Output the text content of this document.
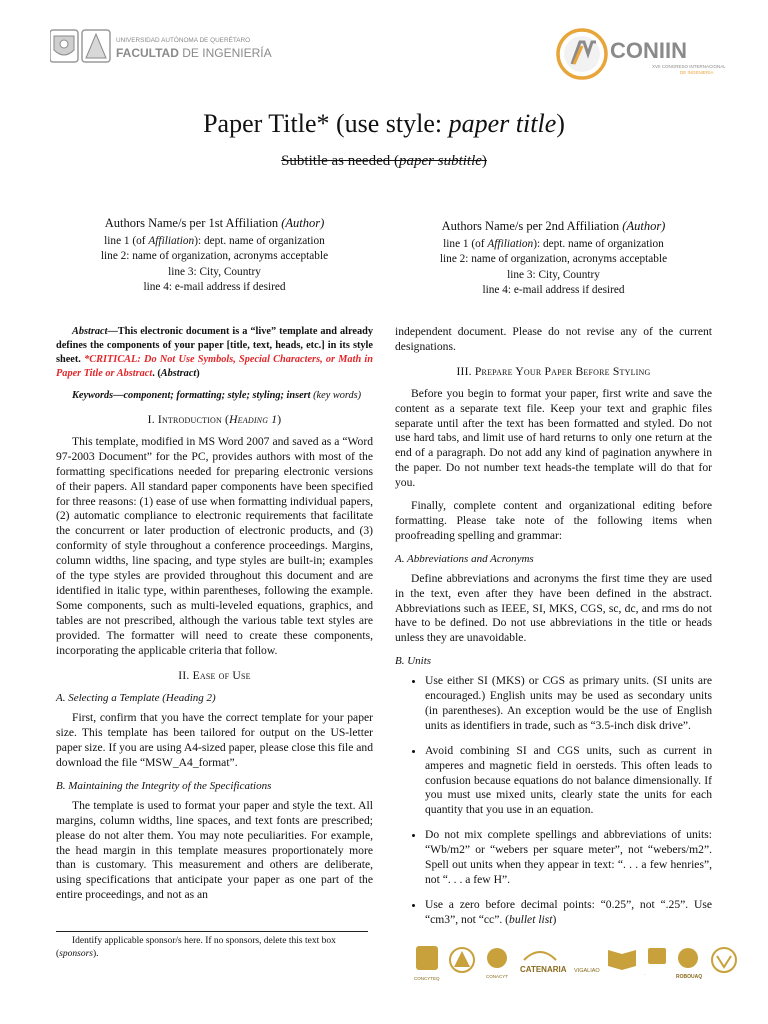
UNIVERSIDAD AUTÓNOMA DE QUERÉTARO
FACULTAD DE INGENIERÍA	CONIIN
XVII CONGRESO INTERNACIONAL
DE INGENIERÍA
Paper Title* (use style: paper title)
Subtitle as needed (paper subtitle)
Authors Name/s per 1st Affiliation (Author)
line 1 (of Affiliation): dept. name of organization
line 2: name of organization, acronyms acceptable
line 3: City, Country
line 4: e-mail address if desired
Authors Name/s per 2nd Affiliation (Author)
line 1 (of Affiliation): dept. name of organization
line 2: name of organization, acronyms acceptable
line 3: City, Country
line 4: e-mail address if desired

Abstract—This electronic document is a “live” template and already defines the components of your paper [title, text, heads, etc.] in its style sheet. *CRITICAL: Do Not Use Symbols, Special Characters, or Math in Paper Title or Abstract. (Abstract)

Keywords—component; formatting; style; styling; insert (key words)

I. Introduction (Heading 1)

This template, modified in MS Word 2007 and saved as a “Word 97-2003 Document” for the PC, provides authors with most of the formatting specifications needed for preparing electronic versions of their papers. All standard paper components have been specified for three reasons: (1) ease of use when formatting individual papers, (2) automatic compliance to electronic requirements that facilitate the concurrent or later production of electronic products, and (3) conformity of style throughout a conference proceedings. Margins, column widths, line spacing, and type styles are built-in; examples of the type styles are provided throughout this document and are identified in italic type, within parentheses, following the example. Some components, such as multi-leveled equations, graphics, and tables are not prescribed, although the various table text styles are provided. The formatter will need to create these components, incorporating the applicable criteria that follow.

II. Ease of Use
A. Selecting a Template (Heading 2)

First, confirm that you have the correct template for your paper size. This template has been tailored for output on the US-letter paper size. If you are using A4-sized paper, please close this file and download the file “MSW_A4_format”.

B. Maintaining the Integrity of the Specifications

The template is used to format your paper and style the text. All margins, column widths, line spaces, and text fonts are prescribed; please do not alter them. You may note peculiarities. For example, the head margin in this template measures proportionately more than is customary. This measurement and others are deliberate, using specifications that anticipate your paper as one part of the entire proceedings, and not as an

independent document. Please do not revise any of the current designations.

III. Prepare Your Paper Before Styling

Before you begin to format your paper, first write and save the content as a separate text file. Keep your text and graphic files separate until after the text has been formatted and styled. Do not use hard tabs, and limit use of hard returns to only one return at the end of a paragraph. Do not add any kind of pagination anywhere in the paper. Do not number text heads-the template will do that for you.

Finally, complete content and organizational editing before formatting. Please take note of the following items when proofreading spelling and grammar:

A. Abbreviations and Acronyms

Define abbreviations and acronyms the first time they are used in the text, even after they have been defined in the abstract. Abbreviations such as IEEE, SI, MKS, CGS, sc, dc, and rms do not have to be defined. Do not use abbreviations in the title or heads unless they are unavoidable.

B. Units
• Use either SI (MKS) or CGS as primary units. (SI units are encouraged.) English units may be used as secondary units (in parentheses). An exception would be the use of English units as identifiers in trade, such as “3.5-inch disk drive”.
• Avoid combining SI and CGS units, such as current in amperes and magnetic field in oersteds. This often leads to confusion because equations do not balance dimensionally. If you must use mixed units, clearly state the units for each quantity that you use in an equation.
• Do not mix complete spellings and abbreviations of units: “Wb/m2” or “webers per square meter”, not “webers/m2”. Spell out units when they appear in text: “. . . a few henries”, not “. . . a few H”.
• Use a zero before decimal points: “0.25”, not “.25”. Use “cm3”, not “cc”. (bullet list)
Identify applicable sponsor/s here. If no sponsors, delete this text box (sponsors).
CONCYTEQ	CONACYT
CATENARIA VIGALIAO
·	ROBOUAQ
